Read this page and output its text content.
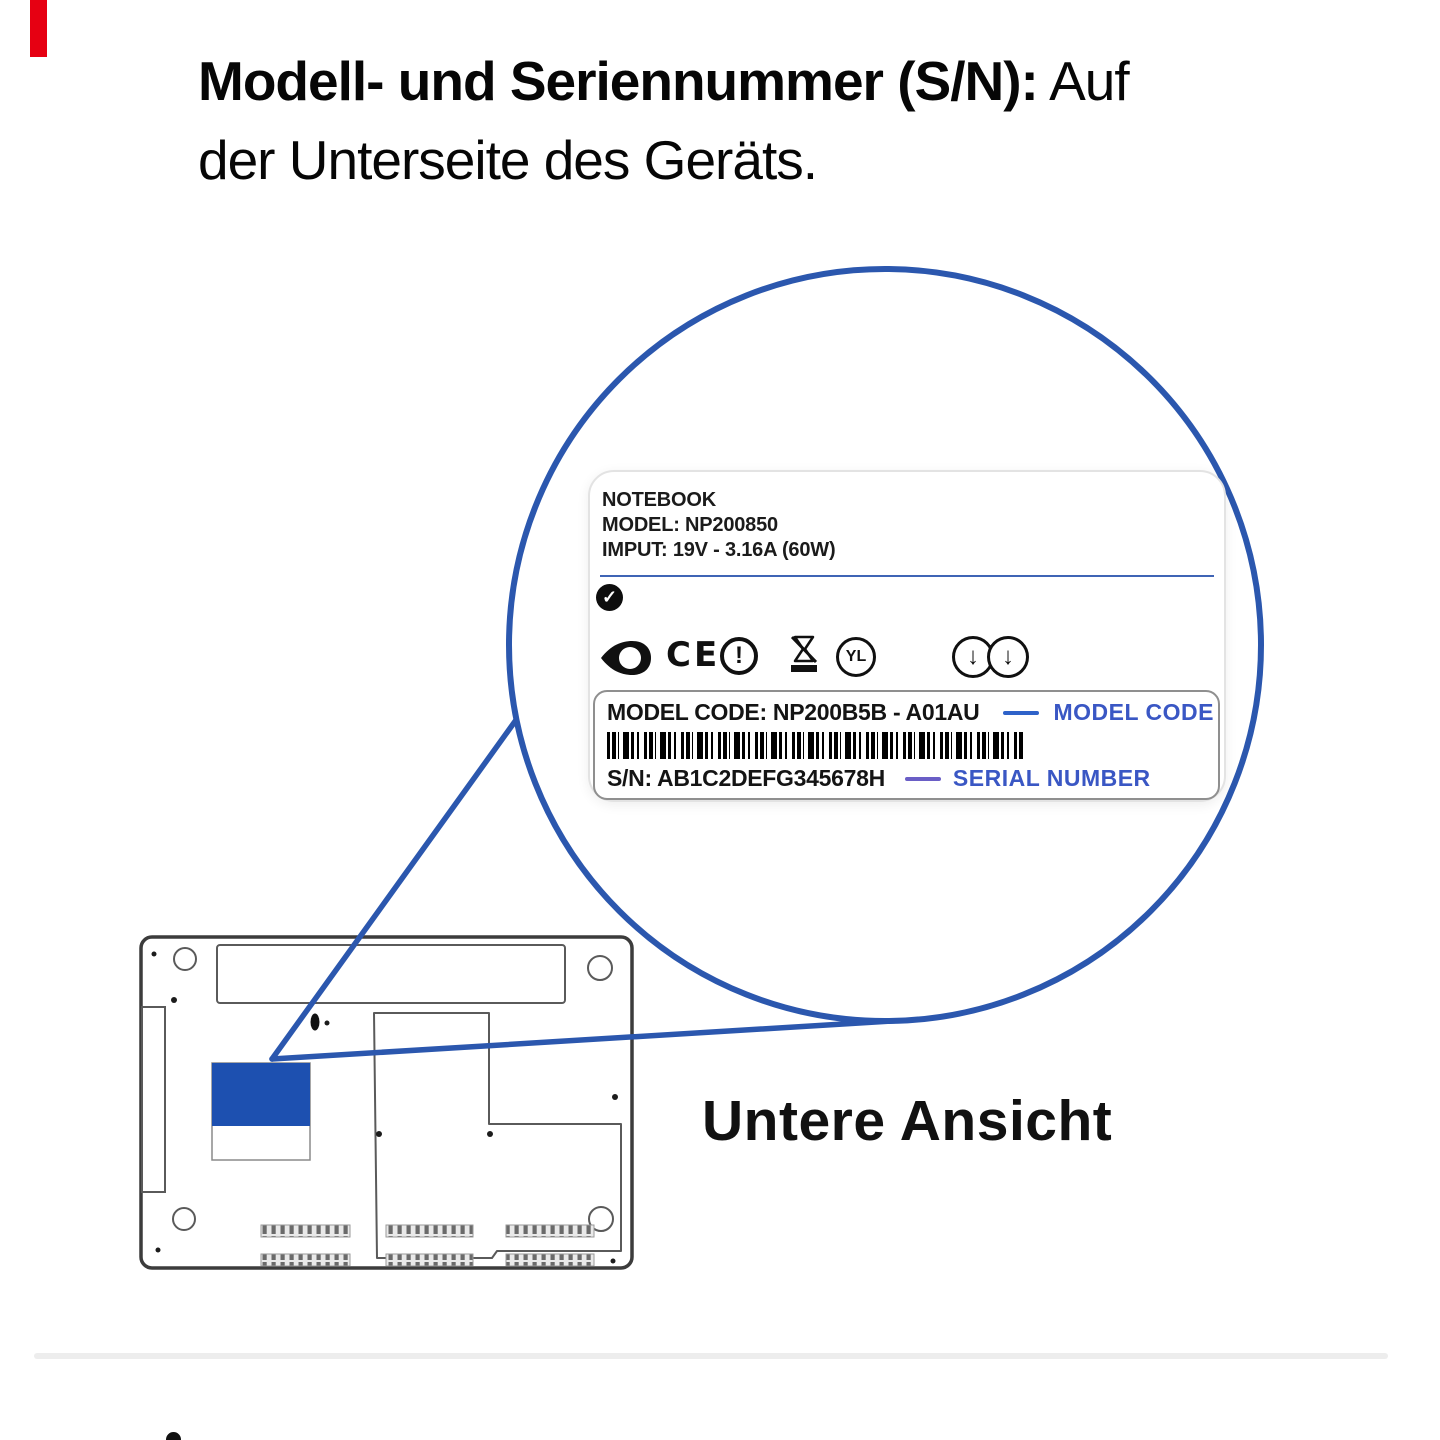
Modell- und Seriennummer (S/N): Auf
der Unterseite des Geräts.
NOTEBOOK
MODEL: NP200850
IMPUT: 19V - 3.16A (60W)
✓
CE !	YL	↓ ↓
MODEL CODE: NP200B5B - A01AU	MODEL CODE
S/N: AB1C2DEFG345678H	SERIAL NUMBER
Untere Ansicht
